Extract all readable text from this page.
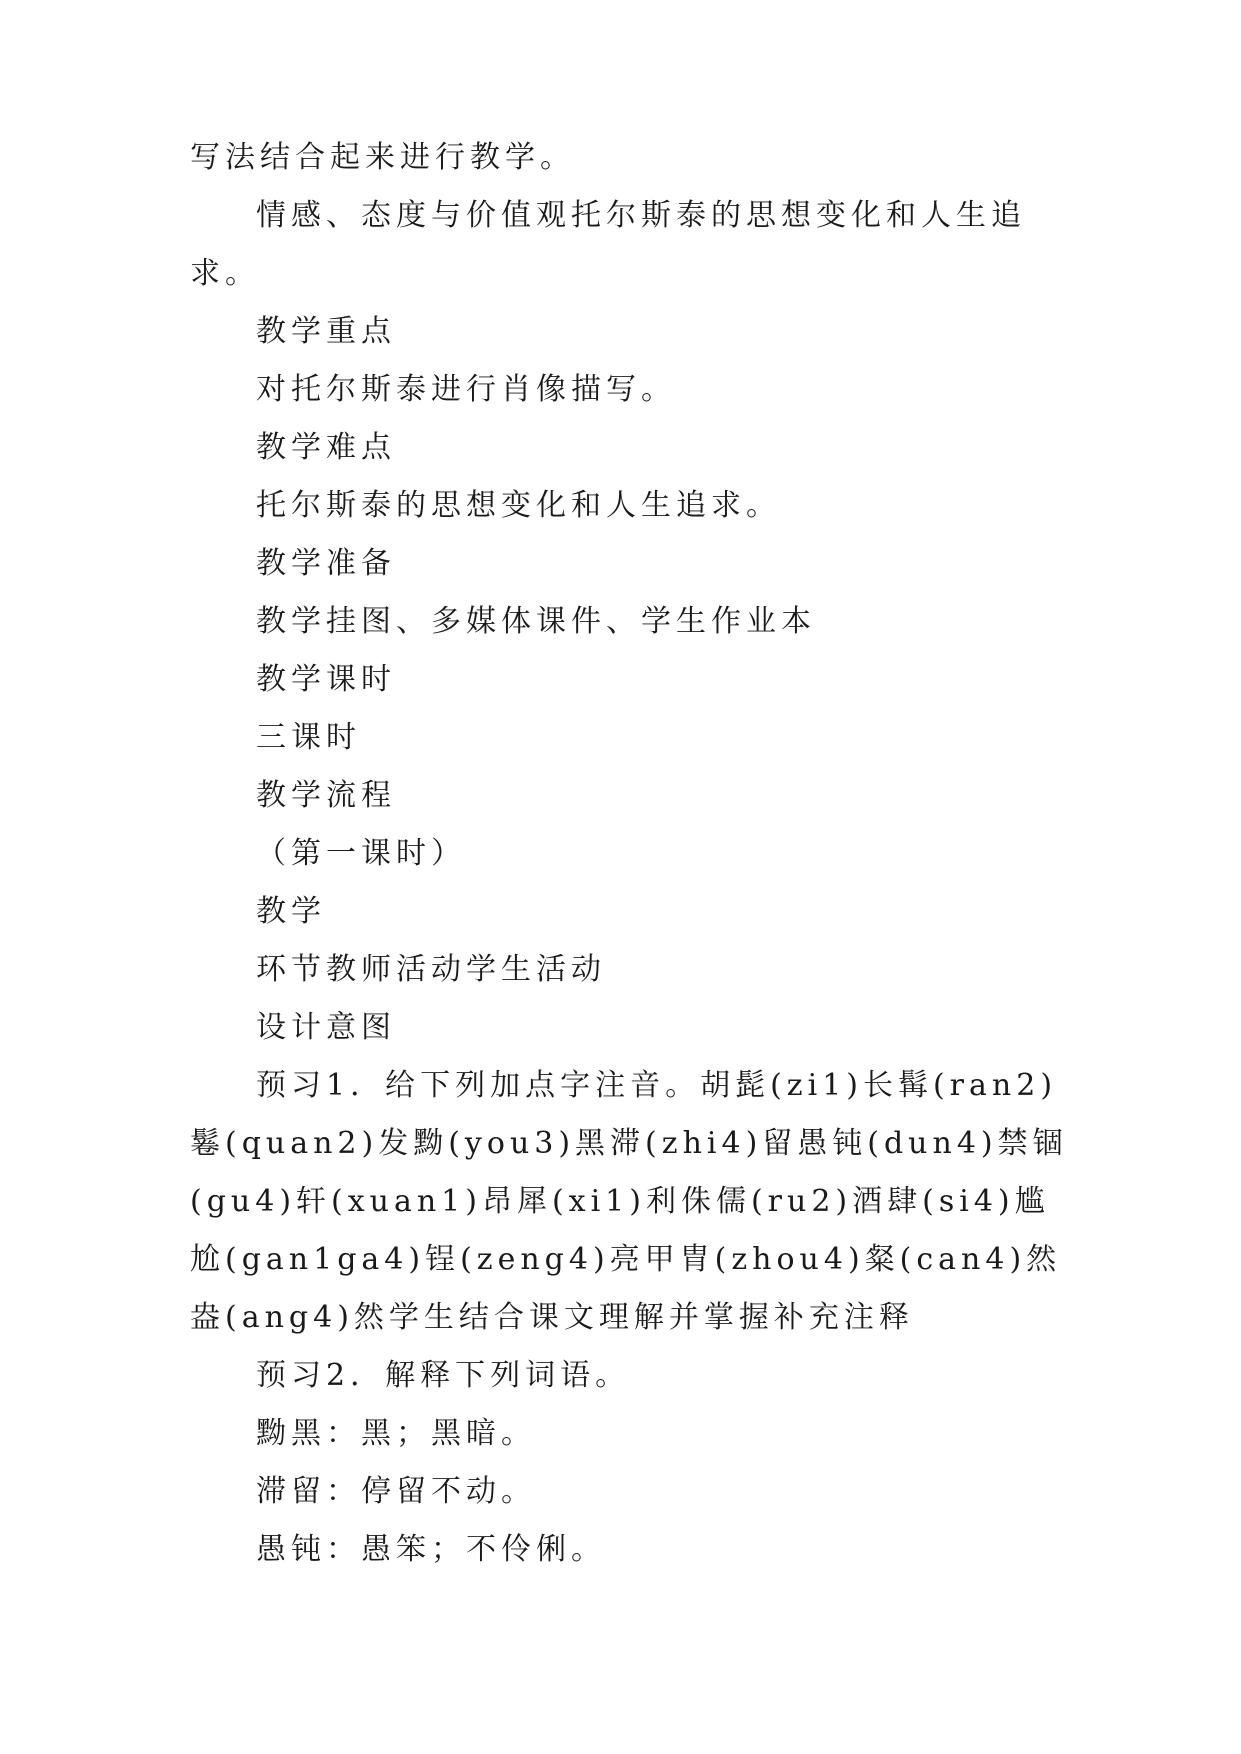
写法结合起来进行教学。

情感、态度与价值观托尔斯泰的思想变化和人生追求。

教学重点

对托尔斯泰进行肖像描写。

教学难点

托尔斯泰的思想变化和人生追求。

教学准备

教学挂图、多媒体课件、学生作业本

教学课时

三课时

教学流程

（第一课时）

教学

环节教师活动学生活动

设计意图

预习1．给下列加点字注音。胡髭(zi1)长髯(ran2)鬈(quan2)发黝(you3)黑滞(zhi4)留愚钝(dun4)禁锢(gu4)轩(xuan1)昂犀(xi1)利侏儒(ru2)酒肆(si4)尴尬(gan1ga4)锃(zeng4)亮甲胄(zhou4)粲(can4)然盎(ang4)然学生结合课文理解并掌握补充注释

预习2．解释下列词语。

黝黑：黑；黑暗。

滞留：停留不动。

愚钝：愚笨；不伶俐。
